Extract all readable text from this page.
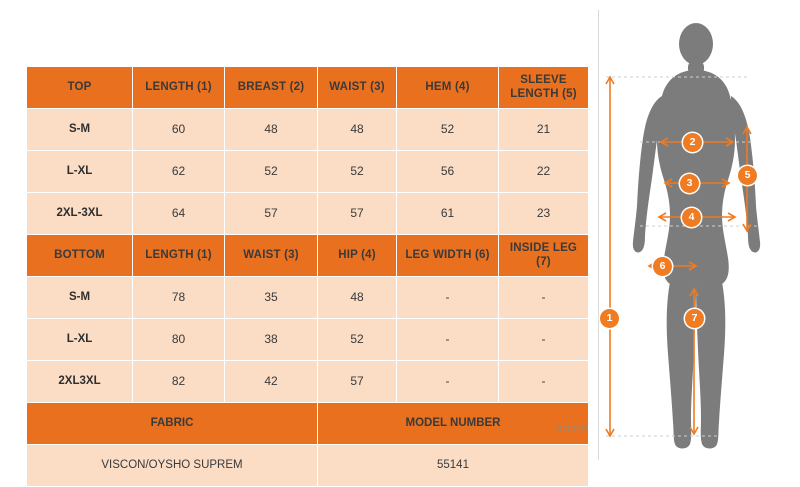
TOP	LENGTH (1)	BREAST (2)	WAIST (3)	HEM (4)	SLEEVE LENGTH (5)
S-M	60	48	48	52	21
L-XL	62	52	52	56	22
2XL-3XL	64	57	57	61	23
BOTTOM	LENGTH (1)	WAIST (3)	HIP (4)	LEG WIDTH (6)	INSIDE LEG (7)
S-M	78	35	48	-	-
L-XL	80	38	52	-	-
2XL3XL	82	42	57	-	-
FABRIC			MODEL NUMBER		
VISCON/OYSHO SUPREM			55141		
370GR
1
2
3
4
5
6
7
